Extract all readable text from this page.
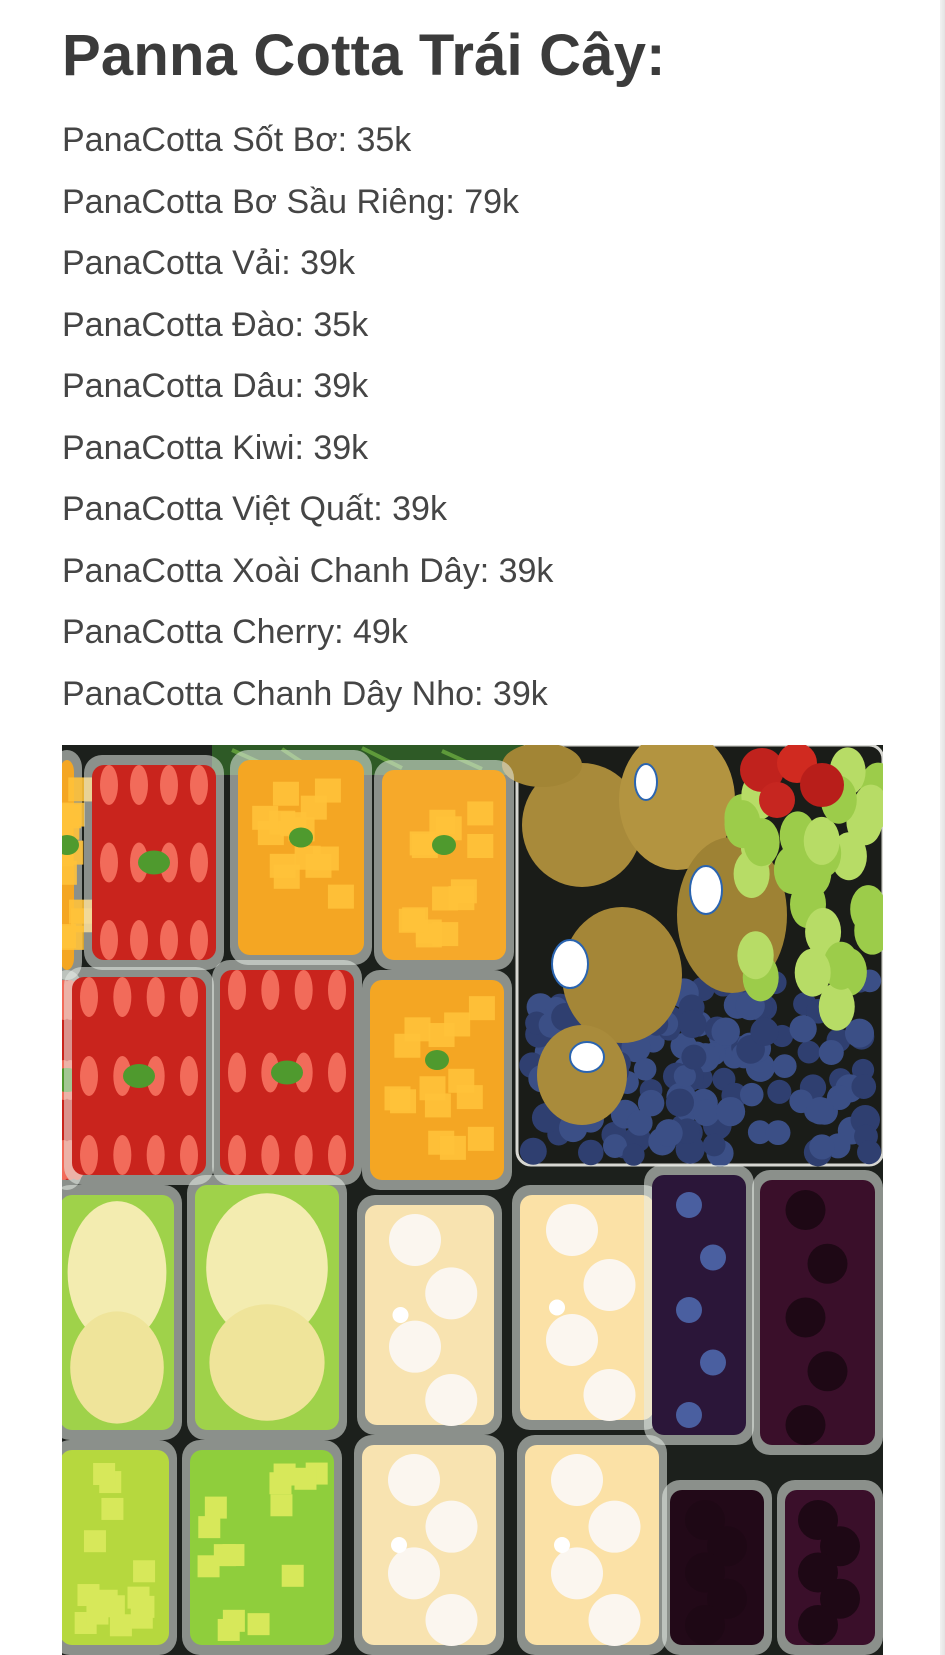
Panna Cotta Trái Cây:
PanaCotta Sốt Bơ: 35k
PanaCotta Bơ Sầu Riêng: 79k
PanaCotta Vải: 39k
PanaCotta Đào: 35k
PanaCotta Dâu: 39k
PanaCotta Kiwi: 39k
PanaCotta Việt Quất: 39k
PanaCotta Xoài Chanh Dây: 39k
PanaCotta Cherry: 49k
PanaCotta Chanh Dây Nho: 39k
